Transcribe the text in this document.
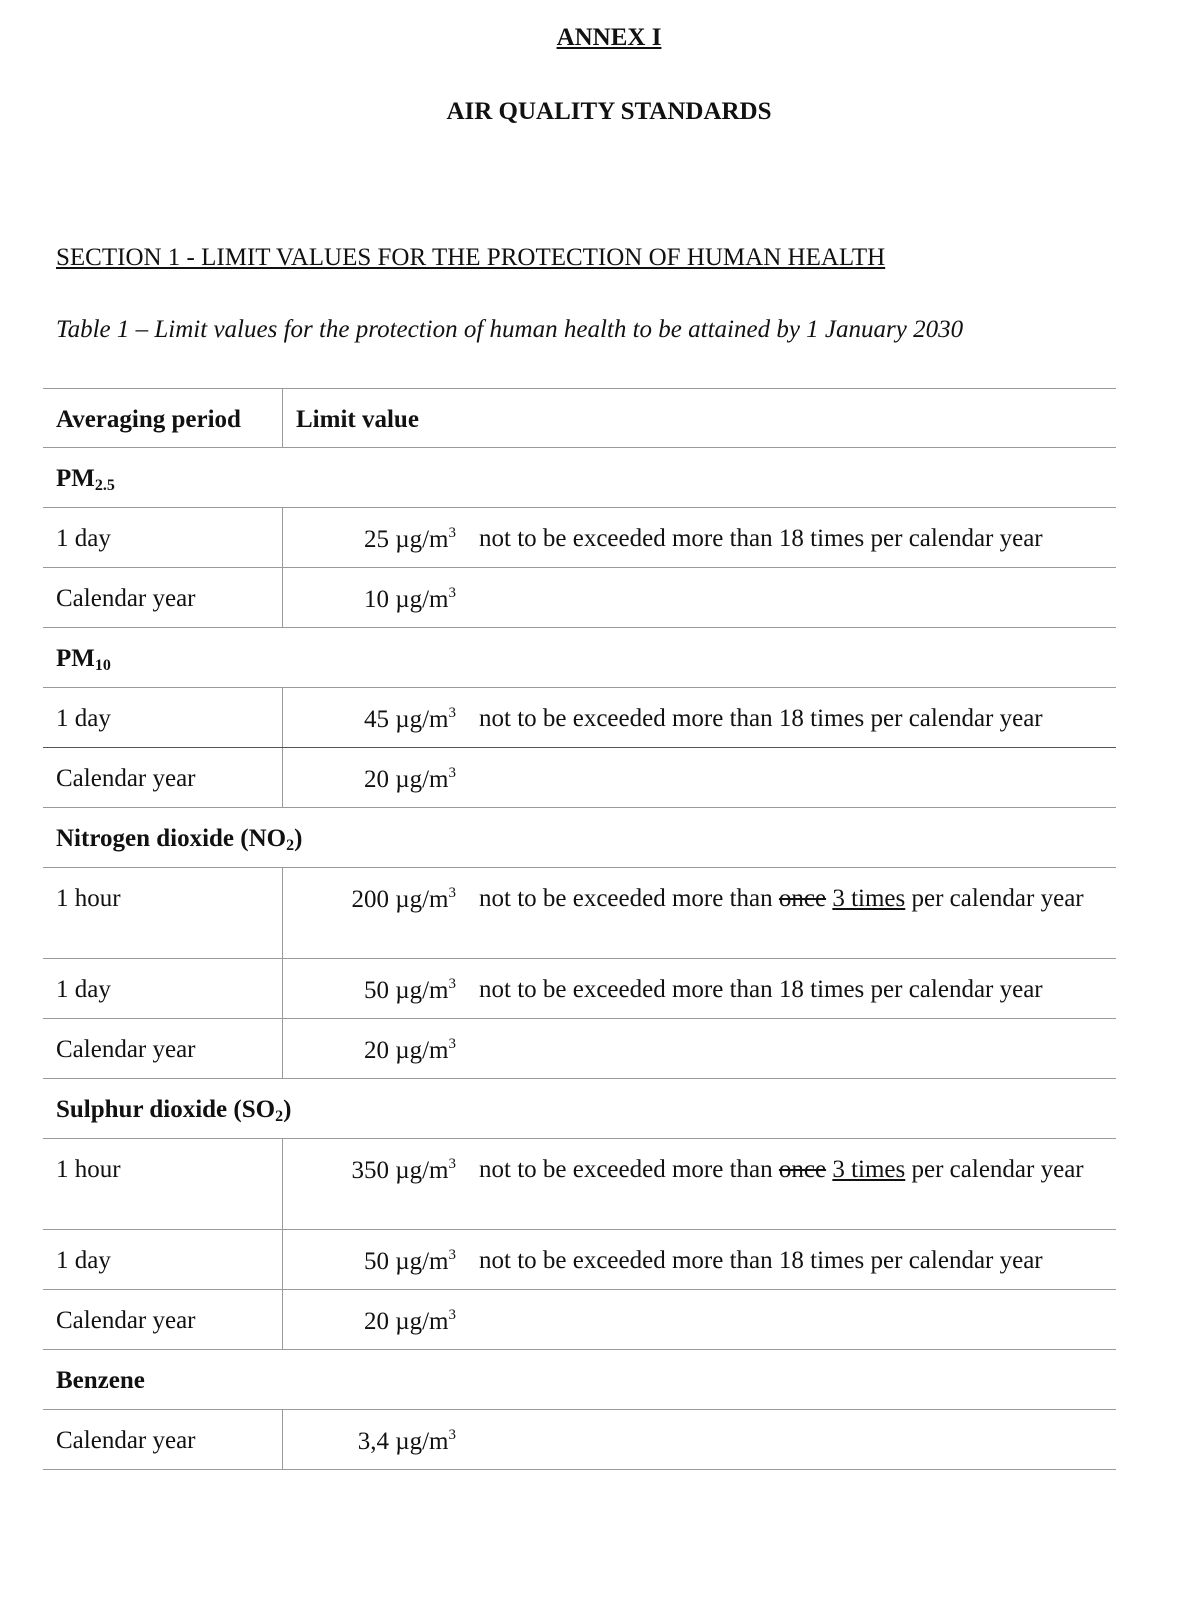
ANNEX I
AIR QUALITY STANDARDS
SECTION 1 - LIMIT VALUES FOR THE PROTECTION OF HUMAN HEALTH
Table 1 – Limit values for the protection of human health to be attained by 1 January 2030
Averaging period	Limit value
$PM_{2.5}$
1 day	25 $\mu g/m^3$ not to be exceeded more than 18 times per calendar year
Calendar year	10 $\mu g/m^3$
$PM_{10}$
1 day	45 $\mu g/m^3$ not to be exceeded more than 18 times per calendar year
Calendar year	20 $\mu g/m^3$
Nitrogen dioxide $(NO_2)$
1 hour	200 $\mu g/m^3$ not to be exceeded more than once 3 times per calendar year
1 day	50 $\mu g/m^3$ not to be exceeded more than 18 times per calendar year
Calendar year	20 $\mu g/m^3$
Sulphur dioxide $(SO_2)$
1 hour	350 $\mu g/m^3$ not to be exceeded more than once 3 times per calendar year
1 day	50 $\mu g/m^3$ not to be exceeded more than 18 times per calendar year
Calendar year	20 $\mu g/m^3$
Benzene
Calendar year	3,4 $\mu g/m^3$
